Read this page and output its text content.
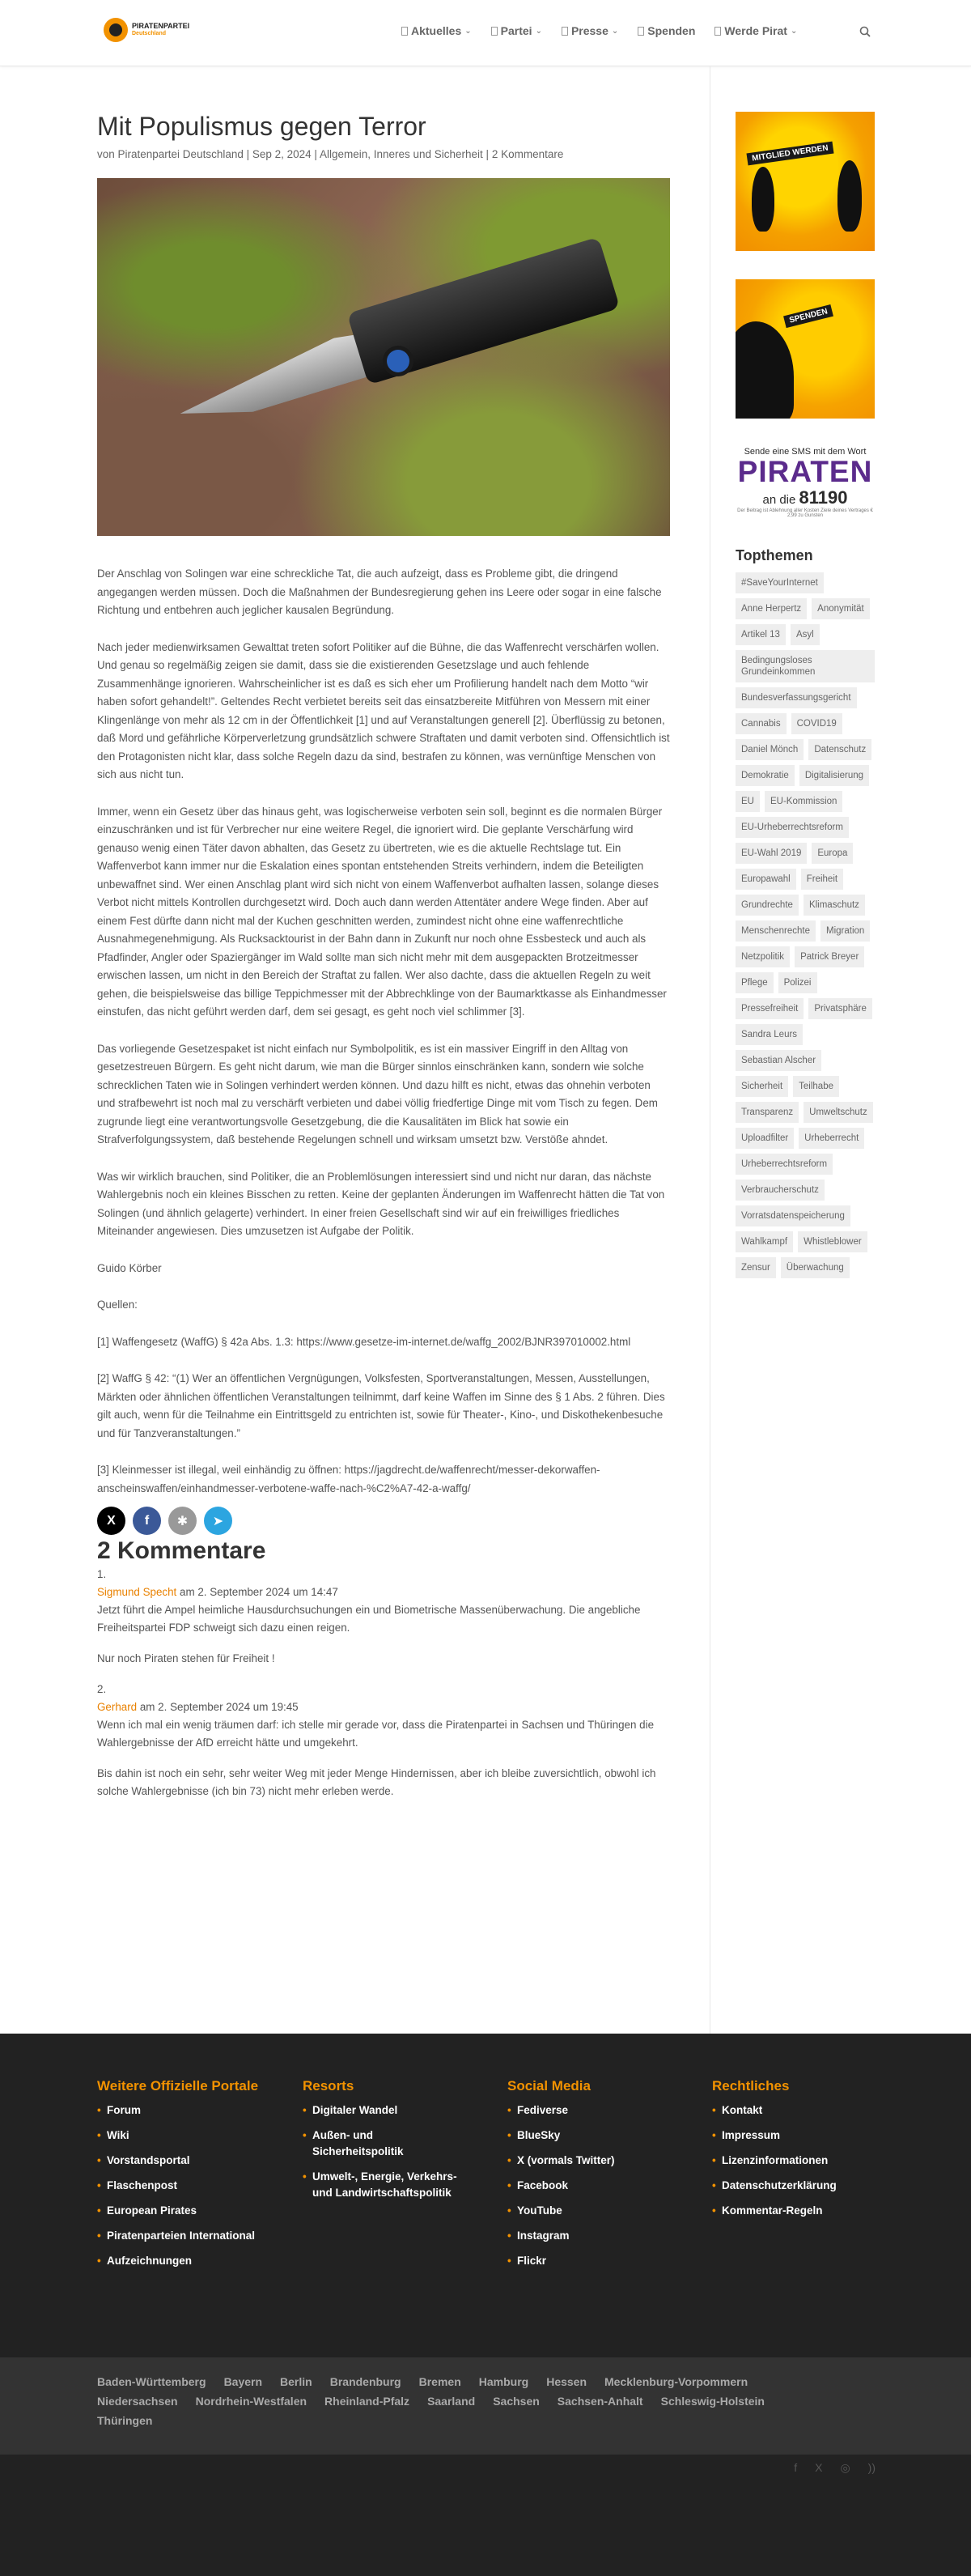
PIRATENPARTEI
Deutschland	Aktuelles ⌄	Partei ⌄	Presse ⌄	Spenden	Werde Pirat ⌄
Mit Populismus gegen Terror
von Piratenpartei Deutschland | Sep 2, 2024 | Allgemein, Inneres und Sicherheit | 2 Kommentare

Der Anschlag von Solingen war eine schreckliche Tat, die auch aufzeigt, dass es Probleme gibt, die dringend angegangen werden müssen. Doch die Maßnahmen der Bundesregierung gehen ins Leere oder sogar in eine falsche Richtung und entbehren auch jeglicher kausalen Begründung.

Nach jeder medienwirksamen Gewalttat treten sofort Politiker auf die Bühne, die das Waffenrecht verschärfen wollen. Und genau so regelmäßig zeigen sie damit, dass sie die existierenden Gesetzslage und auch fehlende Zusammenhänge ignorieren. Wahrscheinlicher ist es daß es sich eher um Profilierung handelt nach dem Motto “wir haben sofort gehandelt!”. Geltendes Recht verbietet bereits seit das einsatzbereite Mitführen von Messern mit einer Klingenlänge von mehr als 12 cm in der Öffentlichkeit [1] und auf Veranstaltungen generell [2]. Überflüssig zu betonen, daß Mord und gefährliche Körperverletzung grundsätzlich schwere Straftaten und damit verboten sind. Offensichtlich ist den Protagonisten nicht klar, dass solche Regeln dazu da sind, bestrafen zu können, was vernünftige Menschen von sich aus nicht tun.

Immer, wenn ein Gesetz über das hinaus geht, was logischerweise verboten sein soll, beginnt es die normalen Bürger einzuschränken und ist für Verbrecher nur eine weitere Regel, die ignoriert wird. Die geplante Verschärfung wird genauso wenig einen Täter davon abhalten, das Gesetz zu übertreten, wie es die aktuelle Rechtslage tut. Ein Waffenverbot kann immer nur die Eskalation eines spontan entstehenden Streits verhindern, indem die Beteiligten unbewaffnet sind. Wer einen Anschlag plant wird sich nicht von einem Waffenverbot aufhalten lassen, solange dieses Verbot nicht mittels Kontrollen durchgesetzt wird. Doch auch dann werden Attentäter andere Wege finden. Aber auf einem Fest dürfte dann nicht mal der Kuchen geschnitten werden, zumindest nicht ohne eine waffenrechtliche Ausnahmegenehmigung. Als Rucksacktourist in der Bahn dann in Zukunft nur noch ohne Essbesteck und auch als Pfadfinder, Angler oder Spaziergänger im Wald sollte man sich nicht mehr mit dem ausgepackten Brotzeitmesser erwischen lassen, um nicht in den Bereich der Straftat zu fallen. Wer also dachte, dass die aktuellen Regeln zu weit gehen, die beispielsweise das billige Teppichmesser mit der Abbrechklinge von der Baumarktkasse als Einhandmesser einstufen, das nicht geführt werden darf, dem sei gesagt, es geht noch viel schlimmer [3].

Das vorliegende Gesetzespaket ist nicht einfach nur Symbolpolitik, es ist ein massiver Eingriff in den Alltag von gesetzestreuen Bürgern. Es geht nicht darum, wie man die Bürger sinnlos einschränken kann, sondern wie solche schrecklichen Taten wie in Solingen verhindert werden können. Und dazu hilft es nicht, etwas das ohnehin verboten und strafbewehrt ist noch mal zu verschärft verbieten und dabei völlig friedfertige Dinge mit vom Tisch zu fegen. Dem zugrunde liegt eine verantwortungsvolle Gesetzgebung, die die Kausalitäten im Blick hat sowie ein Strafverfolgungssystem, daß bestehende Regelungen schnell und wirksam umsetzt bzw. Verstöße ahndet.

Was wir wirklich brauchen, sind Politiker, die an Problemlösungen interessiert sind und nicht nur daran, das nächste Wahlergebnis noch ein kleines Bisschen zu retten. Keine der geplanten Änderungen im Waffenrecht hätten die Tat von Solingen (und ähnlich gelagerte) verhindert. In einer freien Gesellschaft sind wir auf ein freiwilliges friedliches Miteinander angewiesen. Dies umzusetzen ist Aufgabe der Politik.

Guido Körber

Quellen:

[1] Waffengesetz (WaffG) § 42a Abs. 1.3: https://www.gesetze-im-internet.de/waffg_2002/BJNR397010002.html

[2] WaffG § 42: “(1) Wer an öffentlichen Vergnügungen, Volksfesten, Sportveranstaltungen, Messen, Ausstellungen, Märkten oder ähnlichen öffentlichen Veranstaltungen teilnimmt, darf keine Waffen im Sinne des § 1 Abs. 2 führen. Dies gilt auch, wenn für die Teilnahme ein Eintrittsgeld zu entrichten ist, sowie für Theater-, Kino-, und Diskothekenbesuche und für Tanzveranstaltungen.”

[3] Kleinmesser ist illegal, weil einhändig zu öffnen: https://jagdrecht.de/waffenrecht/messer-dekorwaffen-anscheinswaffen/einhandmesser-verbotene-waffe-nach-%C2%A7-42-a-waffg/

X	f	✱	➤
2 Kommentare
1.
Sigmund Specht am 2. September 2024 um 14:47

Jetzt führt die Ampel heimliche Hausdurchsuchungen ein und Biometrische Massenüberwachung. Die angebliche Freiheitspartei FDP schweigt sich dazu einen reigen.

Nur noch Piraten stehen für Freiheit !

2.
Gerhard am 2. September 2024 um 19:45

Wenn ich mal ein wenig träumen darf: ich stelle mir gerade vor, dass die Piratenpartei in Sachsen und Thüringen die Wahlergebnisse der AfD erreicht hätte und umgekehrt.

Bis dahin ist noch ein sehr, sehr weiter Weg mit jeder Menge Hindernissen, aber ich bleibe zuversichtlich, obwohl ich solche Wahlergebnisse (ich bin 73) nicht mehr erleben werde.

MITGLIED WERDEN
SPENDEN
Sende eine SMS mit dem Wort
PIRATEN
an die 81190
Der Beitrag ist Ablehnung aller Kosten Ziele deines Vertrages € 2,99 zu Gunsten
Topthemen
#SaveYourInternet
Anne Herpertz	Anonymität
Artikel 13	Asyl
Bedingungsloses Grundeinkommen
Bundesverfassungsgericht
Cannabis	COVID19
Daniel Mönch	Datenschutz
Demokratie	Digitalisierung
EU	EU-Kommission
EU-Urheberrechtsreform
EU-Wahl 2019	Europa
Europawahl	Freiheit
Grundrechte	Klimaschutz
Menschenrechte	Migration
Netzpolitik	Patrick Breyer
Pflege	Polizei
Pressefreiheit	Privatsphäre
Sandra Leurs
Sebastian Alscher
Sicherheit	Teilhabe
Transparenz	Umweltschutz
Uploadfilter	Urheberrecht
Urheberrechtsreform
Verbraucherschutz
Vorratsdatenspeicherung
Wahlkampf	Whistleblower
Zensur	Überwachung
Weitere Offizielle Portale
• Forum
• Wiki
• Vorstandsportal
• Flaschenpost
• European Pirates
• Piratenparteien International
• Aufzeichnungen
Resorts
• Digitaler Wandel
• Außen- und Sicherheitspolitik
• Umwelt-, Energie, Verkehrs- und Landwirtschaftspolitik
Social Media
• Fediverse
• BlueSky
• X (vormals Twitter)
• Facebook
• YouTube
• Instagram
• Flickr
Rechtliches
• Kontakt
• Impressum
• Lizenzinformationen
• Datenschutzerklärung
• Kommentar-Regeln
Baden-Württemberg Bayern Berlin Brandenburg Bremen Hamburg Hessen Mecklenburg-Vorpommern
Niedersachsen Nordrhein-Westfalen Rheinland-Pfalz Saarland Sachsen Sachsen-Anhalt Schleswig-Holstein
Thüringen
f X ◎ ))
